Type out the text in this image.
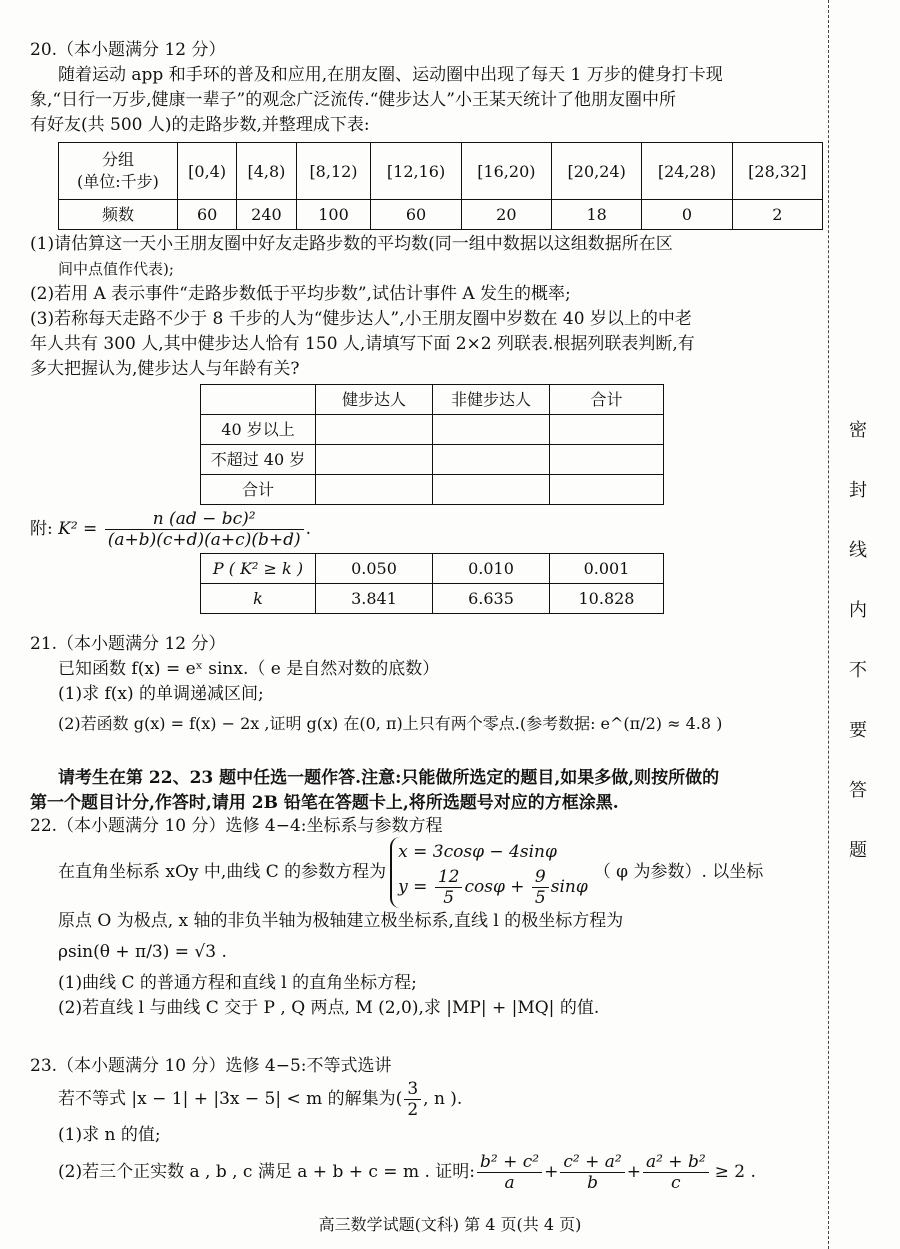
20.（本小题满分 12 分）
随着运动 app 和手环的普及和应用,在朋友圈、运动圈中出现了每天 1 万步的健身打卡现
象,“日行一万步,健康一辈子”的观念广泛流传.“健步达人”小王某天统计了他朋友圈中所
有好友(共 500 人)的走路步数,并整理成下表:
分组
(单位:千步)	[0,4)	[4,8)	[8,12)	[12,16)	[16,20)	[20,24)	[24,28)	[28,32]
频数	60	240	100	60	20	18	0	2
(1)请估算这一天小王朋友圈中好友走路步数的平均数(同一组中数据以这组数据所在区
间中点值作代表);
(2)若用 A 表示事件“走路步数低于平均步数”,试估计事件 A 发生的概率;
(3)若称每天走路不少于 8 千步的人为“健步达人”,小王朋友圈中岁数在 40 岁以上的中老
年人共有 300 人,其中健步达人恰有 150 人,请填写下面 2×2 列联表.根据列联表判断,有
多大把握认为,健步达人与年龄有关?
	健步达人	非健步达人	合计
40 岁以上			
不超过 40 岁			
合计			
附: $K^2 = \frac{\text{n (ad − bc)²}}{(a+b)(c+d)(a+c)(b+d)}$ .
P ( K² ≥ k )	0.050	0.010	0.001
k	3.841	6.635	10.828
21.（本小题满分 12 分）
已知函数 f(x) = eˣ sinx.（ e 是自然对数的底数）
(1)求 f(x) 的单调递减区间;
(2)若函数 g(x) = f(x) − 2x ,证明 g(x) 在(0, π)上只有两个零点.(参考数据: e^(π/2) ≈ 4.8 )
请考生在第 22、23 题中任选一题作答.注意:只能做所选定的题目,如果多做,则按所做的
第一个题目计分,作答时,请用 2B 铅笔在答题卡上,将所选题号对应的方框涂黑.
22.（本小题满分 10 分）选修 4−4:坐标系与参数方程
在直角坐标系 xOy 中,曲线 C 的参数方程为
x = 3cosφ − 4sinφ
$y = \frac{12}{5}$ $\cos\varphi + \frac{9}{5}$ sinφ
（ φ 为参数）. 以坐标
原点 O 为极点, x 轴的非负半轴为极轴建立极坐标系,直线 l 的极坐标方程为
ρsin(θ + π/3) = √3 .
(1)曲线 C 的普通方程和直线 l 的直角坐标方程;
(2)若直线 l 与曲线 C 交于 P , Q 两点, M (2,0),求 |MP| + |MQ| 的值.
23.（本小题满分 10 分）选修 4−5:不等式选讲
若不等式 |x − 1| + |3x − 5| < m 的解集为( $\frac{3}{2}$ , n ).
(1)求 n 的值;
(2)若三个正实数 a , b , c 满足 a + b + c = m . 证明: $\frac{\text{b² + c²}}{a} + \frac{\text{c² + a²}}{b} + \frac{\text{a² + b²}}{c} \ge 2$ .
密
封
线
内
不
要
答
题
高三数学试题(文科) 第 4 页(共 4 页)
